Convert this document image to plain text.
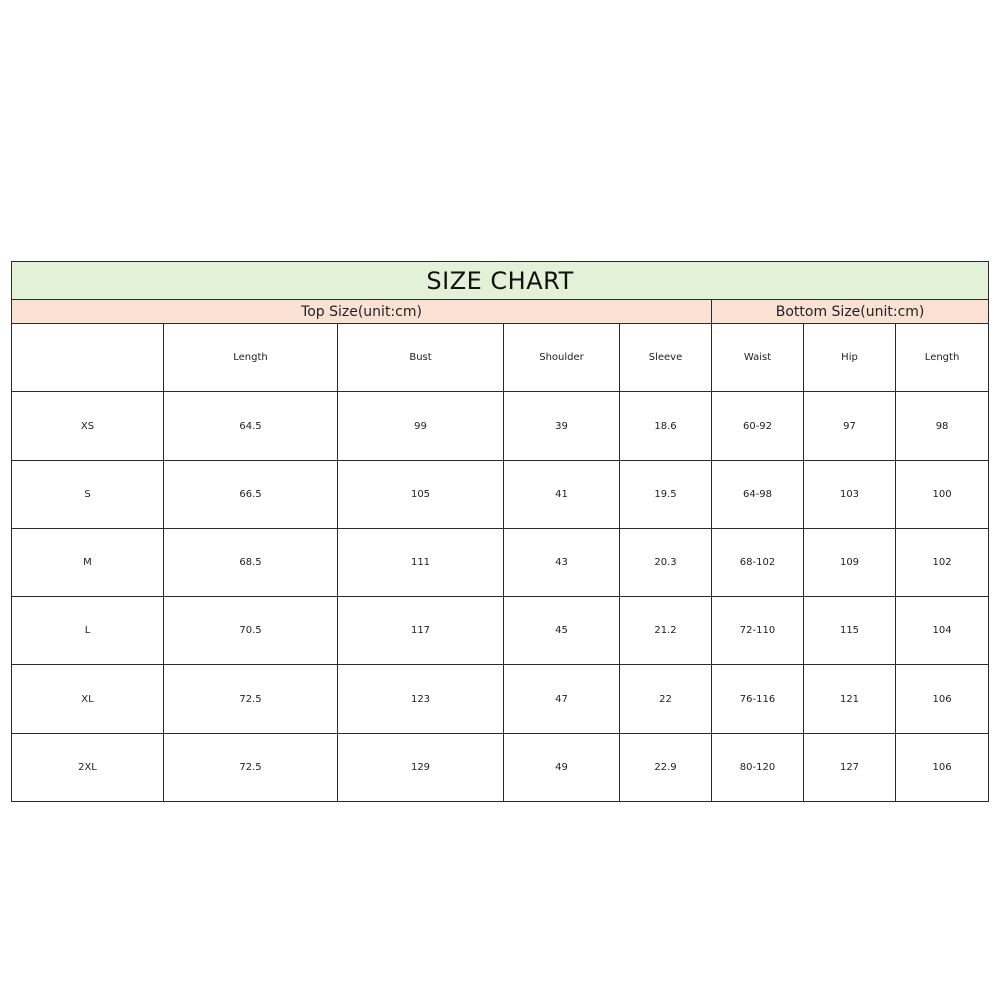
SIZE CHART							
Top Size(unit:cm)					Bottom Size(unit:cm)		
	Length	Bust	Shoulder	Sleeve	Waist	Hip	Length
XS	64.5	99	39	18.6	60-92	97	98
S	66.5	105	41	19.5	64-98	103	100
M	68.5	111	43	20.3	68-102	109	102
L	70.5	117	45	21.2	72-110	115	104
XL	72.5	123	47	22	76-116	121	106
2XL	72.5	129	49	22.9	80-120	127	106
